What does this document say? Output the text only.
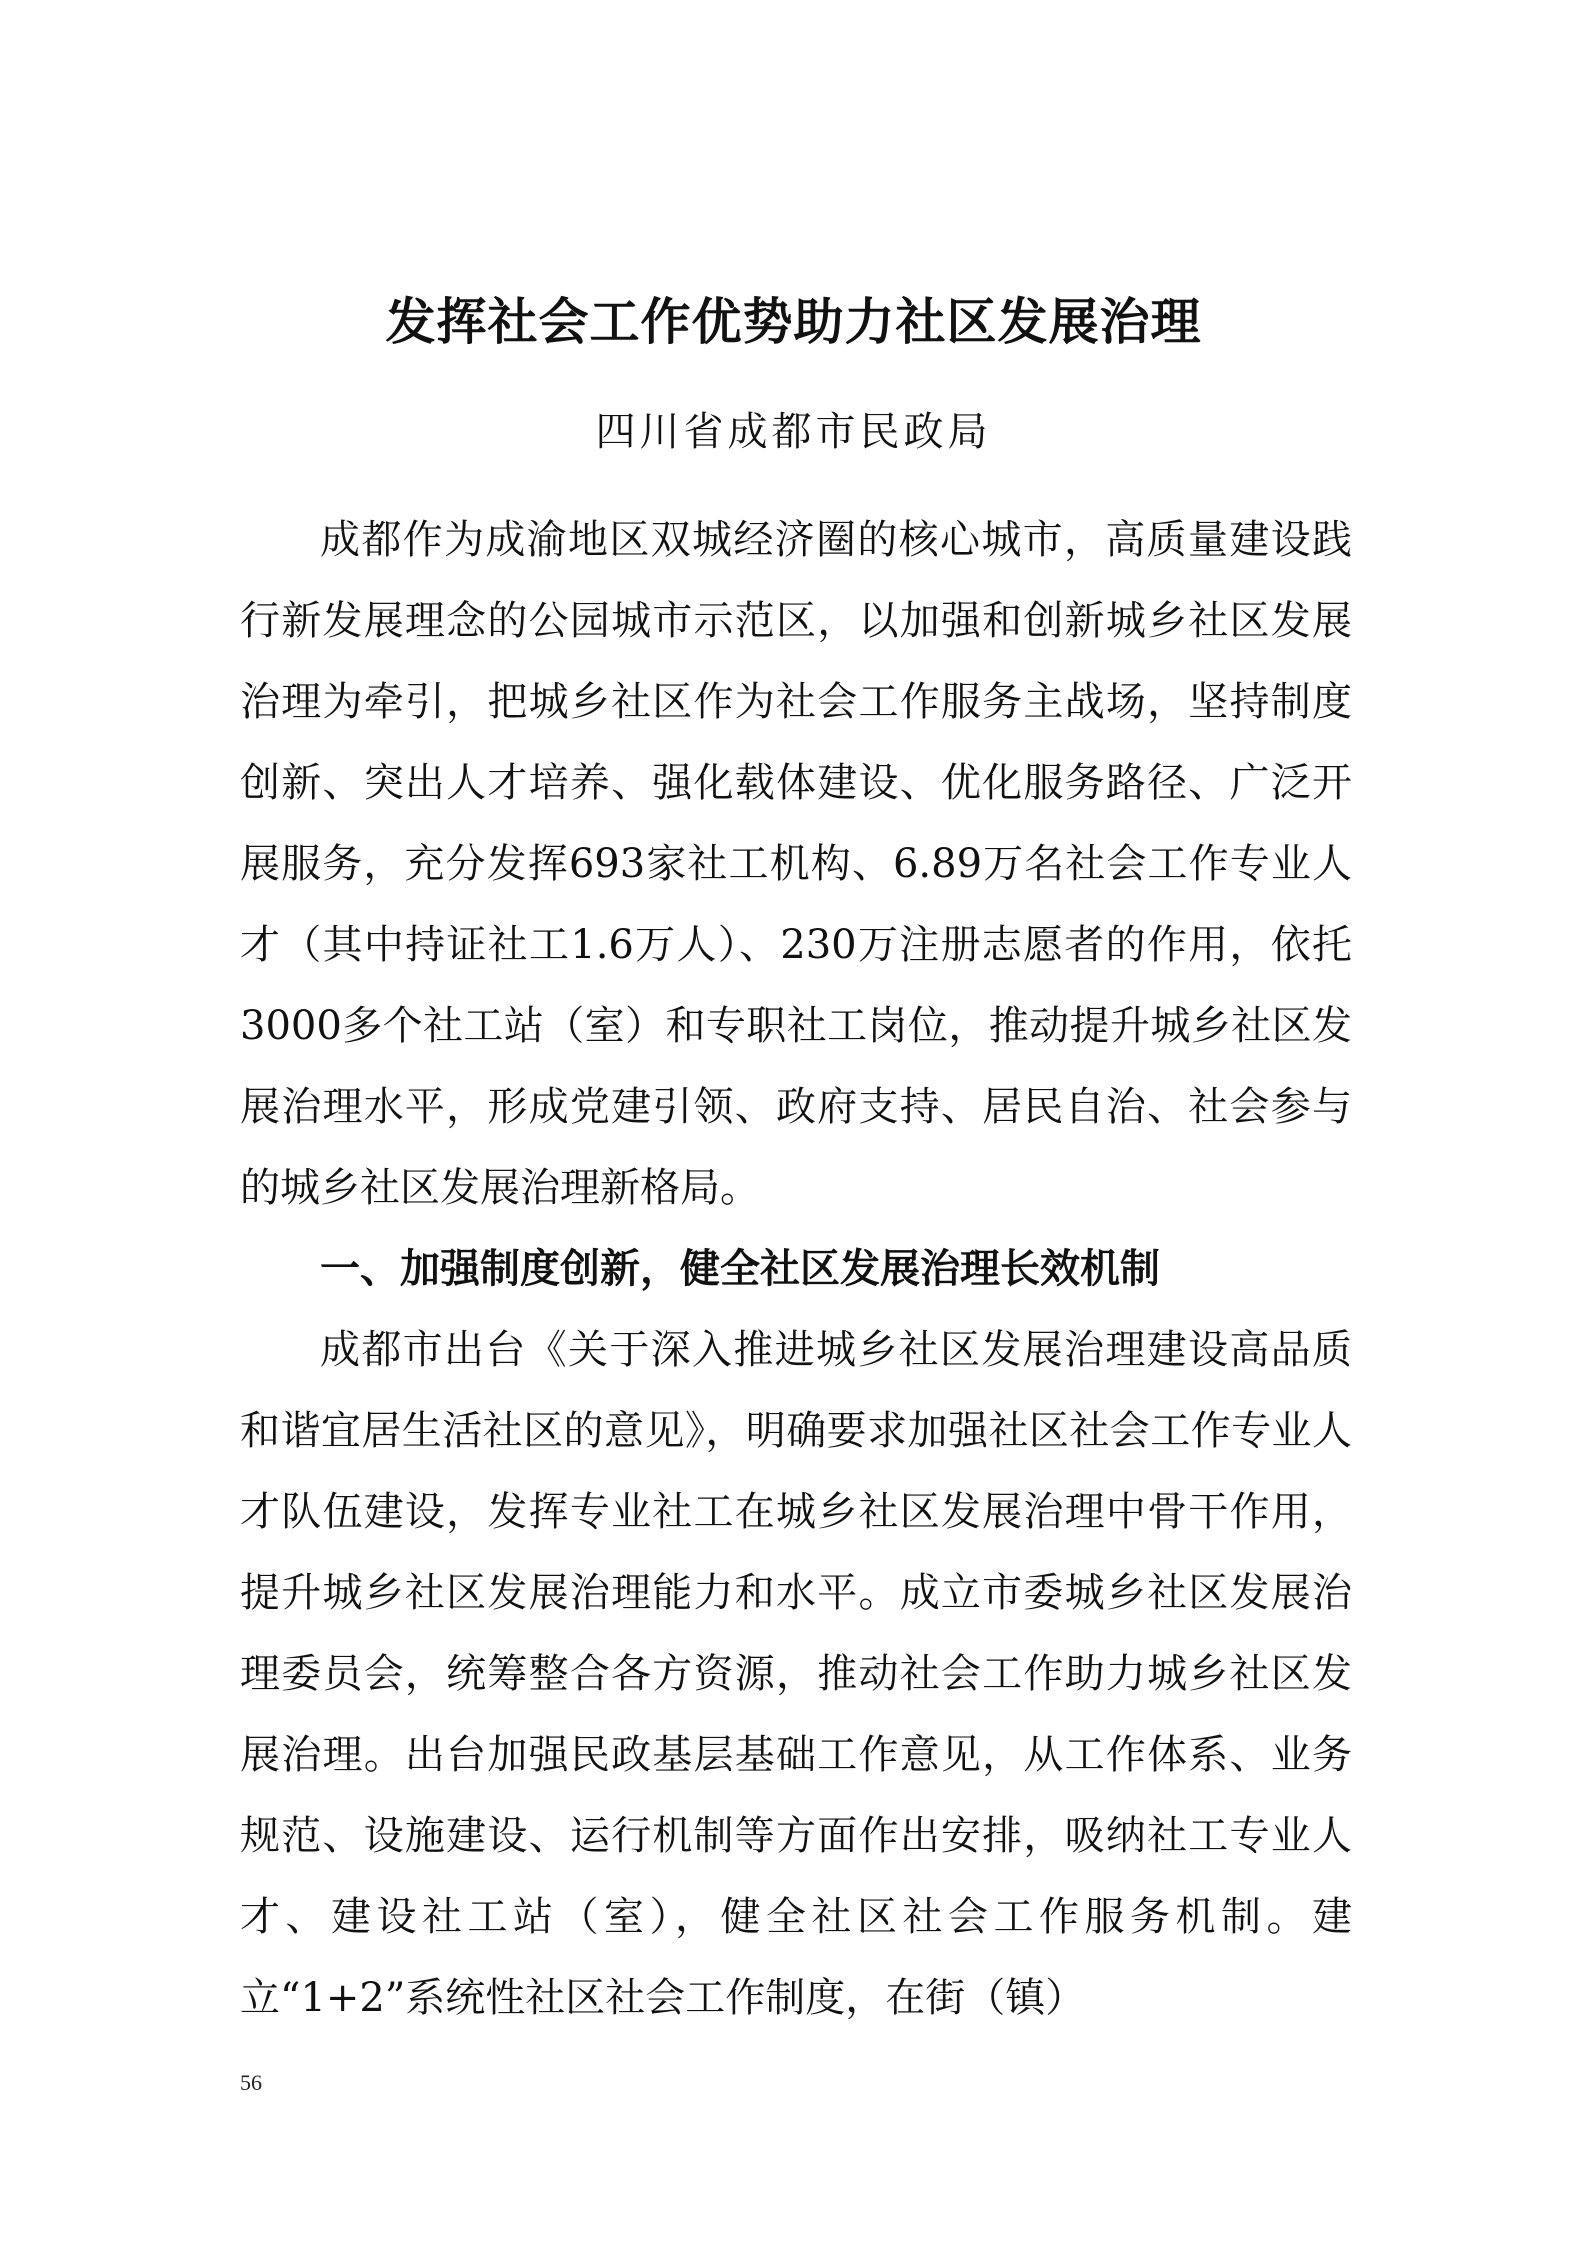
发挥社会工作优势助力社区发展治理
四川省成都市民政局

成都作为成渝地区双城经济圈的核心城市，高质量建设践行新发展理念的公园城市示范区，以加强和创新城乡社区发展治理为牵引，把城乡社区作为社会工作服务主战场，坚持制度创新、突出人才培养、强化载体建设、优化服务路径、广泛开展服务，充分发挥693家社工机构、6.89万名社会工作专业人才（其中持证社工1.6万人）、230万注册志愿者的作用，依托3000多个社工站（室）和专职社工岗位，推动提升城乡社区发展治理水平，形成党建引领、政府支持、居民自治、社会参与的城乡社区发展治理新格局。

一、加强制度创新，健全社区发展治理长效机制

成都市出台《关于深入推进城乡社区发展治理建设高品质和谐宜居生活社区的意见》，明确要求加强社区社会工作专业人才队伍建设，发挥专业社工在城乡社区发展治理中骨干作用，提升城乡社区发展治理能力和水平。成立市委城乡社区发展治理委员会，统筹整合各方资源，推动社会工作助力城乡社区发展治理。出台加强民政基层基础工作意见，从工作体系、业务规范、设施建设、运行机制等方面作出安排，吸纳社工专业人才、建设社工站（室），健全社区社会工作服务机制。建立“1+2”系统性社区社会工作制度，在街（镇）

56
